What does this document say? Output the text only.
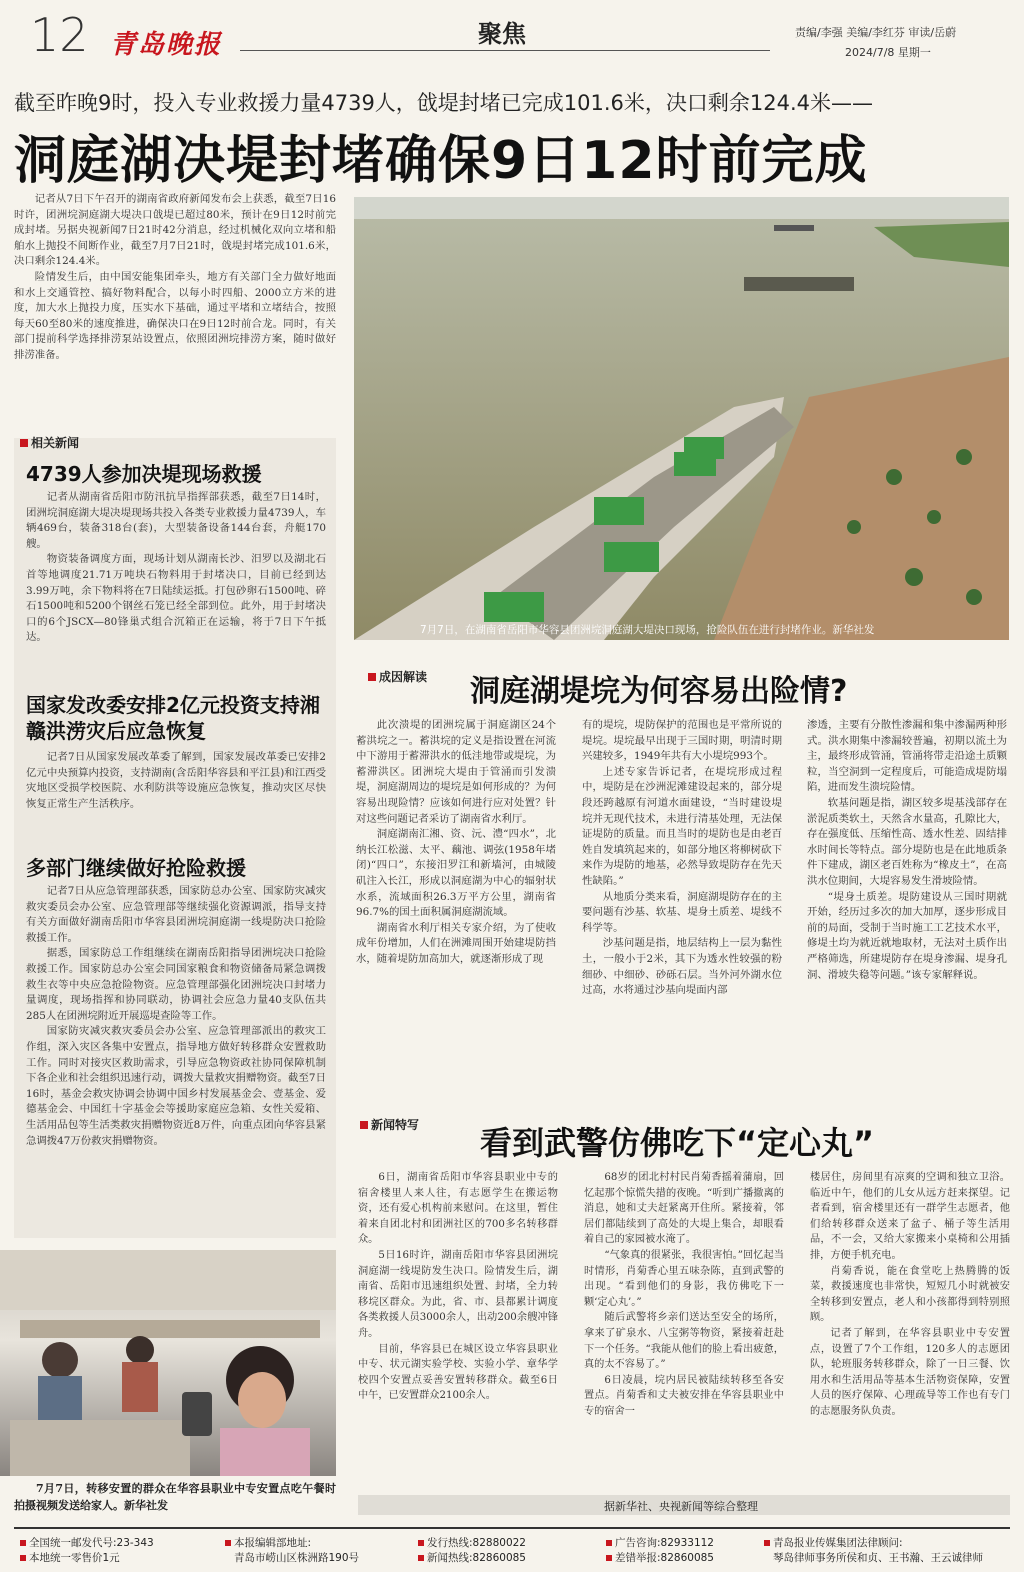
12 青岛晚报	聚焦	责编/李强 美编/李红芬 审读/岳蔚
2024/7/8 星期一
截至昨晚9时，投入专业救援力量4739人，戗堤封堵已完成101.6米，决口剩余124.4米——
洞庭湖决堤封堵确保9日12时前完成

记者从7日下午召开的湖南省政府新闻发布会上获悉，截至7日16时许，团洲垸洞庭湖大堤决口戗堤已超过80米，预计在9日12时前完成封堵。另据央视新闻7日21时42分消息，经过机械化双向立堵和船舶水上抛投不间断作业，截至7月7日21时，戗堤封堵完成101.6米，决口剩余124.4米。

险情发生后，由中国安能集团牵头，地方有关部门全力做好地面和水上交通管控、搞好物料配合，以每小时四船、2000立方米的进度，加大水上抛投力度，压实水下基础，通过平堵和立堵结合，按照每天60至80米的速度推进，确保决口在9日12时前合龙。同时，有关部门提前科学选择排涝泵站设置点，依照团洲垸排涝方案，随时做好排涝准备。

相关新闻
4739人参加决堤现场救援

记者从湖南省岳阳市防汛抗旱指挥部获悉，截至7日14时，团洲垸洞庭湖大堤决堤现场共投入各类专业救援力量4739人，车辆469台，装备318台(套)，大型装备设备144台套，舟艇170艘。

物资装备调度方面，现场计划从湖南长沙、汨罗以及湖北石首等地调度21.71万吨块石物料用于封堵决口，目前已经到达3.99万吨，余下物料将在7日陆续运抵。打包砂卵石1500吨、碎石1500吨和5200个钢丝石笼已经全部到位。此外，用于封堵决口的6个JSCX—80锋巢式组合沉箱正在运输，将于7日下午抵达。

国家发改委安排2亿元投资支持湘赣洪涝灾后应急恢复

记者7日从国家发展改革委了解到，国家发展改革委已安排2亿元中央预算内投资，支持湖南(含岳阳华容县和平江县)和江西受灾地区受损学校医院、水利防洪等设施应急恢复，推动灾区尽快恢复正常生产生活秩序。

多部门继续做好抢险救援

记者7日从应急管理部获悉，国家防总办公室、国家防灾减灾救灾委员会办公室、应急管理部等继续强化资源调派，指导支持有关方面做好湖南岳阳市华容县团洲垸洞庭湖一线堤防决口抢险救援工作。

据悉，国家防总工作组继续在湖南岳阳指导团洲垸决口抢险救援工作。国家防总办公室会同国家粮食和物资储备局紧急调拨救生衣等中央应急抢险物资。应急管理部强化团洲垸决口封堵力量调度，现场指挥和协同联动，协调社会应急力量40支队伍共285人在团洲垸附近开展巡堤查险等工作。

国家防灾减灾救灾委员会办公室、应急管理部派出的救灾工作组，深入灾区各集中安置点，指导地方做好转移群众安置救助工作。同时对接灾区救助需求，引导应急物资政社协同保障机制下各企业和社会组织迅速行动，调拨大量救灾捐赠物资。截至7日16时，基金会救灾协调会协调中国乡村发展基金会、壹基金、爱德基金会、中国红十字基金会等援助家庭应急箱、女性关爱箱、生活用品包等生活类救灾捐赠物资近8万件，向重点团向华容县紧急调拨47万份救灾捐赠物资。

7月7日，转移安置的群众在华容县职业中专安置点吃午餐时拍摄视频发送给家人。新华社发
7月7日，在湖南省岳阳市华容县团洲垸洞庭湖大堤决口现场，抢险队伍在进行封堵作业。新华社发
成因解读 洞庭湖堤垸为何容易出险情?

此次溃堤的团洲垸属于洞庭湖区24个蓄洪垸之一。蓄洪垸的定义是指设置在河流中下游用于蓄滞洪水的低洼地带或堤垸，为蓄滞洪区。团洲垸大堤由于管涌而引发溃堤，洞庭湖周边的堤垸是如何形成的？为何容易出现险情？应该如何进行应对处置？针对这些问题记者采访了湖南省水利厅。

洞庭湖南汇湘、资、沅、澧“四水”，北纳长江松滋、太平、藕池、调弦(1958年堵闭)“四口”，东接汨罗江和新墙河，由城陵矶注入长江，形成以洞庭湖为中心的辐射状水系，流域面积26.3万平方公里，湖南省96.7%的国土面积属洞庭湖流域。

湖南省水利厅相关专家介绍，为了使收成年份增加，人们在洲滩周围开始建堤防挡水，随着堤防加高加大，就逐渐形成了现

有的堤垸，堤防保护的范围也是平常所说的堤垸。堤垸最早出现于三国时期，明清时期兴建较多，1949年共有大小堤垸993个。

上述专家告诉记者，在堤垸形成过程中，堤防是在沙洲泥滩建设起来的，部分堤段还跨越原有河道水面建设，“当时建设堤垸并无现代技术，未进行清基处理，无法保证堤防的质量。而且当时的堤防也是由老百姓自发填筑起来的，如部分地区将柳树砍下来作为堤防的地基，必然导致堤防存在先天性缺陷。”

从地质分类来看，洞庭湖堤防存在的主要问题有沙基、软基、堤身土质差、堤线不科学等。

沙基问题是指，地层结构上一层为黏性土，一般小于2米，其下为透水性较强的粉细砂、中细砂、砂砾石层。当外河外湖水位过高，水将通过沙基向堤面内部

渗透，主要有分散性渗漏和集中渗漏两种形式。洪水期集中渗漏较普遍，初期以流土为主，最终形成管涌，管涌将带走沿途土质颗粒，当空洞到一定程度后，可能造成堤防塌陷，进而发生溃垸险情。

软基问题是指，湖区较多堤基浅部存在淤泥质类软土，天然含水量高，孔隙比大，存在强度低、压缩性高、透水性差、固结排水时间长等特点。部分堤防也是在此地质条件下建成，湖区老百姓称为“橡皮土”，在高洪水位期间，大堤容易发生滑坡险情。

“堤身土质差。堤防建设从三国时期就开始，经历过多次的加大加厚，逐步形成目前的局面，受制于当时施工工艺技术水平，修堤土均为就近就地取材，无法对土质作出严格筛选，所建堤防存在堤身渗漏、堤身孔洞、滑坡失稳等问题。”该专家解释说。

新闻特写 看到武警仿佛吃下“定心丸”

6日，湖南省岳阳市华容县职业中专的宿舍楼里人来人往，有志愿学生在搬运物资，还有爱心机构前来慰问。在这里，暂住着来自团北村和团洲社区的700多名转移群众。

5日16时许，湖南岳阳市华容县团洲垸洞庭湖一线堤防发生决口。险情发生后，湖南省、岳阳市迅速组织处置、封堵，全力转移垸区群众。为此，省、市、县都累计调度各类救援人员3000余人，出动200余艘冲锋舟。

目前，华容县已在城区设立华容县职业中专、状元湖实验学校、实验小学、章华学校四个安置点妥善安置转移群众。截至6日中午，已安置群众2100余人。

68岁的团北村村民肖菊香摇着蒲扇，回忆起那个惊慌失措的夜晚。“听到广播撤离的消息，她和丈夫赶紧离开住所。紧接着，邻居们都陆续到了高处的大堤上集合，却眼看着自己的家园被水淹了。

“气象真的很紧张，我很害怕。”回忆起当时情形，肖菊香心里五味杂陈，直到武警的出现。“看到他们的身影，我仿佛吃下一颗‘定心丸’。”

随后武警将乡亲们送达至安全的场所，拿来了矿泉水、八宝粥等物资，紧接着赶赴下一个任务。“我能从他们的脸上看出疲惫，真的太不容易了。”

6日凌晨，垸内居民被陆续转移至各安置点。肖菊香和丈夫被安排在华容县职业中专的宿舍一

楼居住，房间里有凉爽的空调和独立卫浴。临近中午，他们的儿女从远方赶来探望。记者看到，宿舍楼里还有一群学生志愿者，他们给转移群众送来了盆子、桶子等生活用品，不一会，又给大家搬来小桌椅和公用插排，方便手机充电。

肖菊香说，能在食堂吃上热腾腾的饭菜，救援速度也非常快，短短几小时就被安全转移到安置点，老人和小孩都得到特别照顾。

记者了解到，在华容县职业中专安置点，设置了7个工作组，120多人的志愿团队，轮班服务转移群众，除了一日三餐、饮用水和生活用品等基本生活物资保障，安置人员的医疗保障、心理疏导等工作也有专门的志愿服务队负责。

据新华社、央视新闻等综合整理
全国统一邮发代号:23-343
本地统一零售价1元
本报编辑部地址:
青岛市崂山区株洲路190号
发行热线:82880022
新闻热线:82860085
广告咨询:82933112
差错举报:82860085
青岛报业传媒集团法律顾问:
琴岛律师事务所侯和贞、王书瀚、王云诚律师
